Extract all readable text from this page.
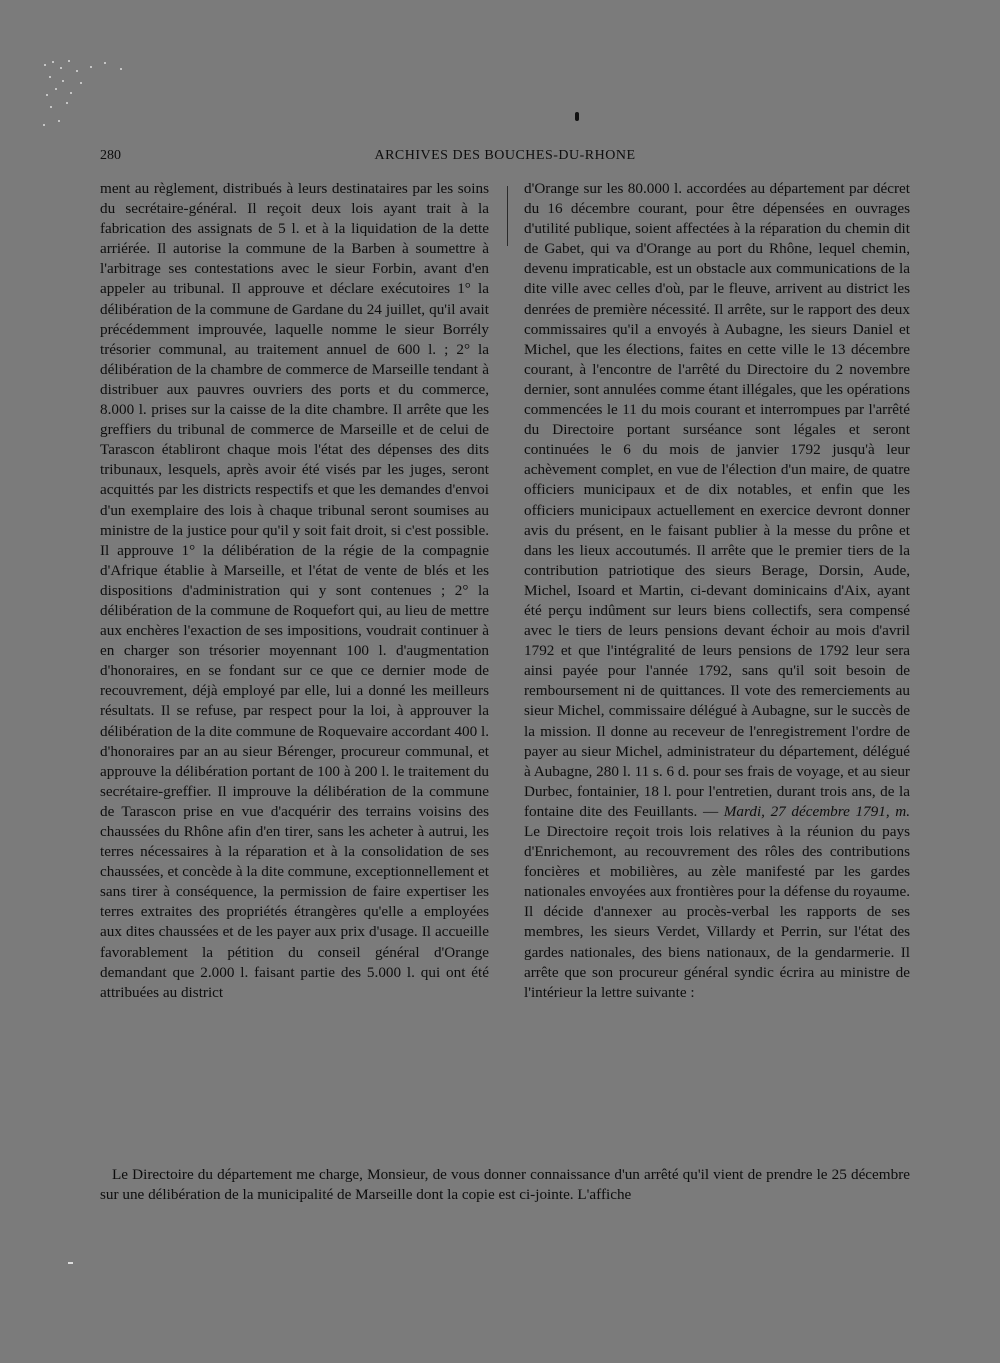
280	ARCHIVES DES BOUCHES-DU-RHONE

ment au règlement, distribués à leurs destinataires par les soins du secrétaire-général. Il reçoit deux lois ayant trait à la fabrication des assignats de 5 l. et à la liquidation de la dette arriérée. Il autorise la commune de la Barben à soumettre à l'arbitrage ses contestations avec le sieur Forbin, avant d'en appeler au tribunal. Il approuve et déclare exécutoires 1° la délibération de la commune de Gardane du 24 juillet, qu'il avait précédemment improuvée, laquelle nomme le sieur Borrély trésorier communal, au traitement annuel de 600 l. ; 2° la délibération de la chambre de commerce de Marseille tendant à distribuer aux pauvres ouvriers des ports et du commerce, 8.000 l. prises sur la caisse de la dite chambre. Il arrête que les greffiers du tribunal de commerce de Marseille et de celui de Tarascon établiront chaque mois l'état des dépenses des dits tribunaux, lesquels, après avoir été visés par les juges, seront acquittés par les districts respectifs et que les demandes d'envoi d'un exemplaire des lois à chaque tribunal seront soumises au ministre de la justice pour qu'il y soit fait droit, si c'est possible. Il approuve 1° la délibération de la régie de la compagnie d'Afrique établie à Marseille, et l'état de vente de blés et les dispositions d'administration qui y sont contenues ; 2° la délibération de la commune de Roquefort qui, au lieu de mettre aux enchères l'exaction de ses impositions, voudrait continuer à en charger son trésorier moyennant 100 l. d'augmentation d'honoraires, en se fondant sur ce que ce dernier mode de recouvrement, déjà employé par elle, lui a donné les meilleurs résultats. Il se refuse, par respect pour la loi, à approuver la délibération de la dite commune de Roquevaire accordant 400 l. d'honoraires par an au sieur Bérenger, procureur communal, et approuve la délibération portant de 100 à 200 l. le traitement du secrétaire-greffier. Il improuve la délibération de la commune de Tarascon prise en vue d'acquérir des terrains voisins des chaussées du Rhône afin d'en tirer, sans les acheter à autrui, les terres nécessaires à la réparation et à la consolidation de ses chaussées, et concède à la dite commune, exceptionnellement et sans tirer à conséquence, la permission de faire expertiser les terres extraites des propriétés étrangères qu'elle a employées aux dites chaussées et de les payer aux prix d'usage. Il accueille favorablement la pétition du conseil général d'Orange demandant que 2.000 l. faisant partie des 5.000 l. qui ont été attribuées au district

d'Orange sur les 80.000 l. accordées au département par décret du 16 décembre courant, pour être dépensées en ouvrages d'utilité publique, soient affectées à la réparation du chemin dit de Gabet, qui va d'Orange au port du Rhône, lequel chemin, devenu impraticable, est un obstacle aux communications de la dite ville avec celles d'où, par le fleuve, arrivent au district les denrées de première nécessité. Il arrête, sur le rapport des deux commissaires qu'il a envoyés à Aubagne, les sieurs Daniel et Michel, que les élections, faites en cette ville le 13 décembre courant, à l'encontre de l'arrêté du Directoire du 2 novembre dernier, sont annulées comme étant illégales, que les opérations commencées le 11 du mois courant et interrompues par l'arrêté du Directoire portant surséance sont légales et seront continuées le 6 du mois de janvier 1792 jusqu'à leur achèvement complet, en vue de l'élection d'un maire, de quatre officiers municipaux et de dix notables, et enfin que les officiers municipaux actuellement en exercice devront donner avis du présent, en le faisant publier à la messe du prône et dans les lieux accoutumés. Il arrête que le premier tiers de la contribution patriotique des sieurs Berage, Dorsin, Aude, Michel, Isoard et Martin, ci-devant dominicains d'Aix, ayant été perçu indûment sur leurs biens collectifs, sera compensé avec le tiers de leurs pensions devant échoir au mois d'avril 1792 et que l'intégralité de leurs pensions de 1792 leur sera ainsi payée pour l'année 1792, sans qu'il soit besoin de remboursement ni de quittances. Il vote des remerciements au sieur Michel, commissaire délégué à Aubagne, sur le succès de la mission. Il donne au receveur de l'enregistrement l'ordre de payer au sieur Michel, administrateur du département, délégué à Aubagne, 280 l. 11 s. 6 d. pour ses frais de voyage, et au sieur Durbec, fontainier, 18 l. pour l'entretien, durant trois ans, de la fontaine dite des Feuillants. — Mardi, 27 décembre 1791, m. Le Directoire reçoit trois lois relatives à la réunion du pays d'Enrichemont, au recouvrement des rôles des contributions foncières et mobilières, au zèle manifesté par les gardes nationales envoyées aux frontières pour la défense du royaume. Il décide d'annexer au procès-verbal les rapports de ses membres, les sieurs Verdet, Villardy et Perrin, sur l'état des gardes nationales, des biens nationaux, de la gendarmerie. Il arrête que son procureur général syndic écrira au ministre de l'intérieur la lettre suivante :

Le Directoire du département me charge, Monsieur, de vous donner connaissance d'un arrêté qu'il vient de prendre le 25 décembre sur une délibération de la municipalité de Marseille dont la copie est ci-jointe. L'affiche
